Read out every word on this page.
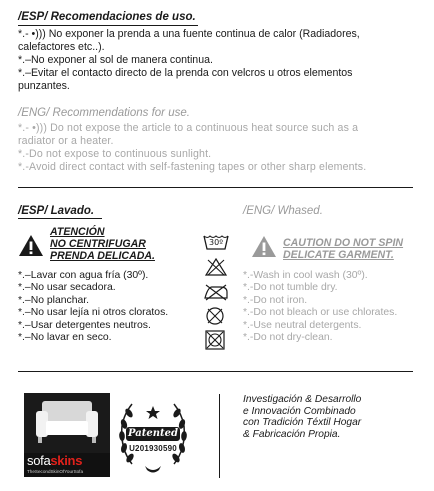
/ESP/ Recomendaciones de uso.
*.- •))) No exponer la prenda a una fuente continua de calor (Radiadores,
calefactores etc..).
*.–No exponer al sol de manera continua.
*.–Evitar el contacto directo de la prenda con velcros u otros elementos
punzantes.
/ENG/ Recommendations for use.
*.- •))) Do not expose the article to a continuous heat source such as a
radiator or a heater.
*.-Do not expose to continuous sunlight.
*.-Avoid direct contact with self-fastening tapes or other sharp elements.
/ESP/ Lavado.
ATENCIÓN
NO CENTRIFUGAR
PRENDA DELICADA.
*.–Lavar con agua fría (30º).
*.–No usar secadora.
*.–No planchar.
*.–No usar lejía ni otros cloratos.
*.–Usar detergentes neutros.
*.–No lavar en seco.
30º
/ENG/ Whased.
CAUTION DO NOT SPIN
DELICATE GARMENT.
*.-Wash in cool wash (30º).
*.-Do not tumble dry.
*.-Do not iron.
*.-Do not bleach or use chlorates.
*.-Use neutral detergents.
*.-Do not dry-clean.
sofaskins
TheSecondSkinOfYourSofa
Patented
U201930590
Investigación & Desarrollo
e Innovación Combinado
con Tradición Téxtil Hogar
& Fabricación Propia.
